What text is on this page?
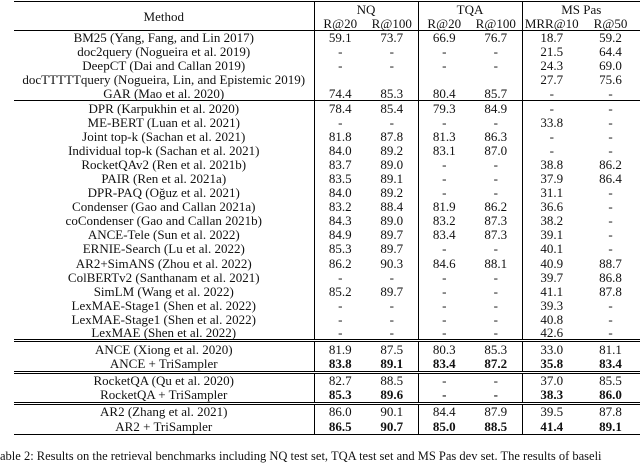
Method	NQ		TQA		MS Pas	
	R@20	R@100	R@20	R@100	MRR@10	R@50
BM25 (Yang, Fang, and Lin 2017)	59.1	73.7	66.9	76.7	18.7	59.2
doc2query (Nogueira et al. 2019)	-	-	-	-	21.5	64.4
DeepCT (Dai and Callan 2019)	-	-	-	-	24.3	69.0
docTTTTTquery (Nogueira, Lin, and Epistemic 2019)					27.7	75.6
GAR (Mao et al. 2020)	74.4	85.3	80.4	85.7	-	-
DPR (Karpukhin et al. 2020)	78.4	85.4	79.3	84.9	-	-
ME-BERT (Luan et al. 2021)	-	-	-	-	33.8	-
Joint top-k (Sachan et al. 2021)	81.8	87.8	81.3	86.3	-	-
Individual top-k (Sachan et al. 2021)	84.0	89.2	83.1	87.0	-	-
RocketQAv2 (Ren et al. 2021b)	83.7	89.0	-	-	38.8	86.2
PAIR (Ren et al. 2021a)	83.5	89.1	-	-	37.9	86.4
DPR-PAQ (Oğuz et al. 2021)	84.0	89.2	-	-	31.1	-
Condenser (Gao and Callan 2021a)	83.2	88.4	81.9	86.2	36.6	-
coCondenser (Gao and Callan 2021b)	84.3	89.0	83.2	87.3	38.2	-
ANCE-Tele (Sun et al. 2022)	84.9	89.7	83.4	87.3	39.1	-
ERNIE-Search (Lu et al. 2022)	85.3	89.7	-	-	40.1	-
AR2+SimANS (Zhou et al. 2022)	86.2	90.3	84.6	88.1	40.9	88.7
ColBERTv2 (Santhanam et al. 2021)	-	-	-	-	39.7	86.8
SimLM (Wang et al. 2022)	85.2	89.7	-	-	41.1	87.8
LexMAE-Stage1 (Shen et al. 2022)	-	-	-	-	39.3	-
LexMAE-Stage1 (Shen et al. 2022)	-	-	-	-	40.8	-
LexMAE (Shen et al. 2022)	-	-	-	-	42.6	-
ANCE (Xiong et al. 2020)	81.9	87.5	80.3	85.3	33.0	81.1
ANCE + TriSampler	83.8	89.1	83.4	87.2	35.8	83.4
RocketQA (Qu et al. 2020)	82.7	88.5	-	-	37.0	85.5
RocketQA + TriSampler	85.3	89.6	-	-	38.3	86.0
AR2 (Zhang et al. 2021)	86.0	90.1	84.4	87.9	39.5	87.8
AR2 + TriSampler	86.5	90.7	85.0	88.5	41.4	89.1
able 2: Results on the retrieval benchmarks including NQ test set, TQA test set and MS Pas dev set. The results of baseli
